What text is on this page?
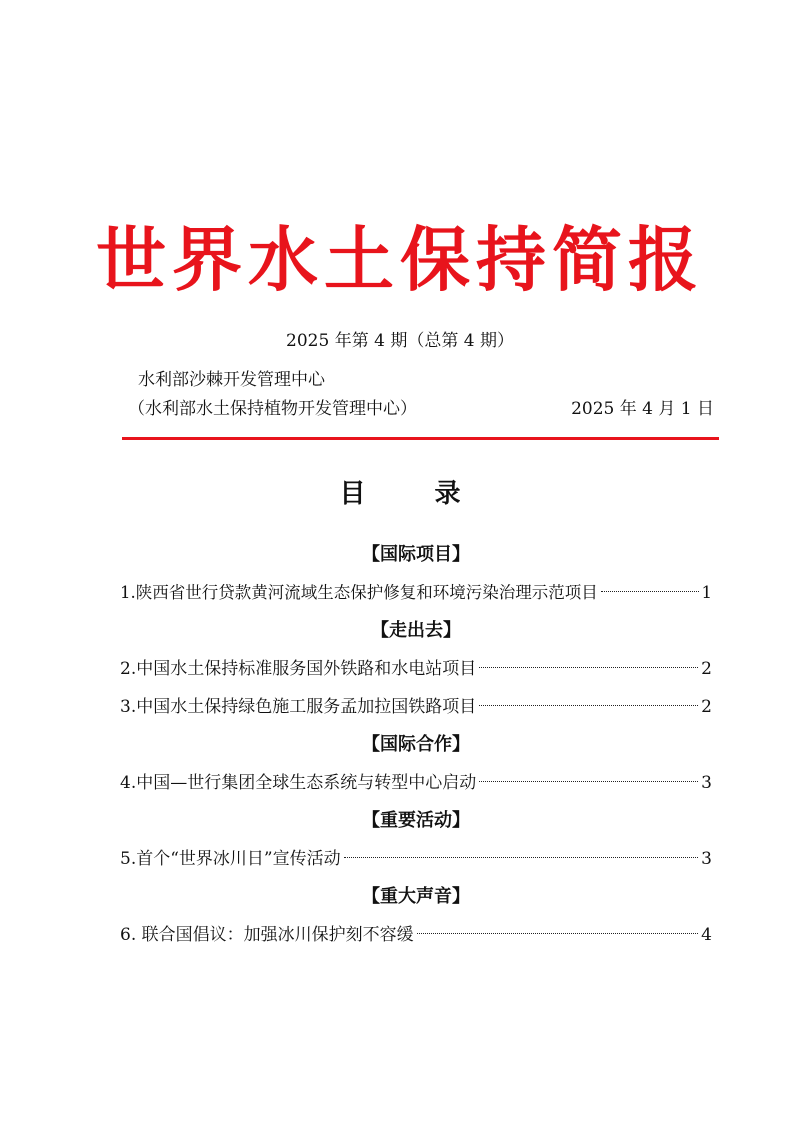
世界水土保持简报
2025 年第 4 期（总第 4 期）
水利部沙棘开发管理中心
（水利部水土保持植物开发管理中心）	2025 年 4 月 1 日
目 录
【国际项目】
1.陕西省世行贷款黄河流域生态保护修复和环境污染治理示范项目	1
【走出去】
2.中国水土保持标准服务国外铁路和水电站项目	2
3.中国水土保持绿色施工服务孟加拉国铁路项目	2
【国际合作】
4.中国—世行集团全球生态系统与转型中心启动	3
【重要活动】
5.首个“世界冰川日”宣传活动	3
【重大声音】
6. 联合国倡议：加强冰川保护刻不容缓	4
